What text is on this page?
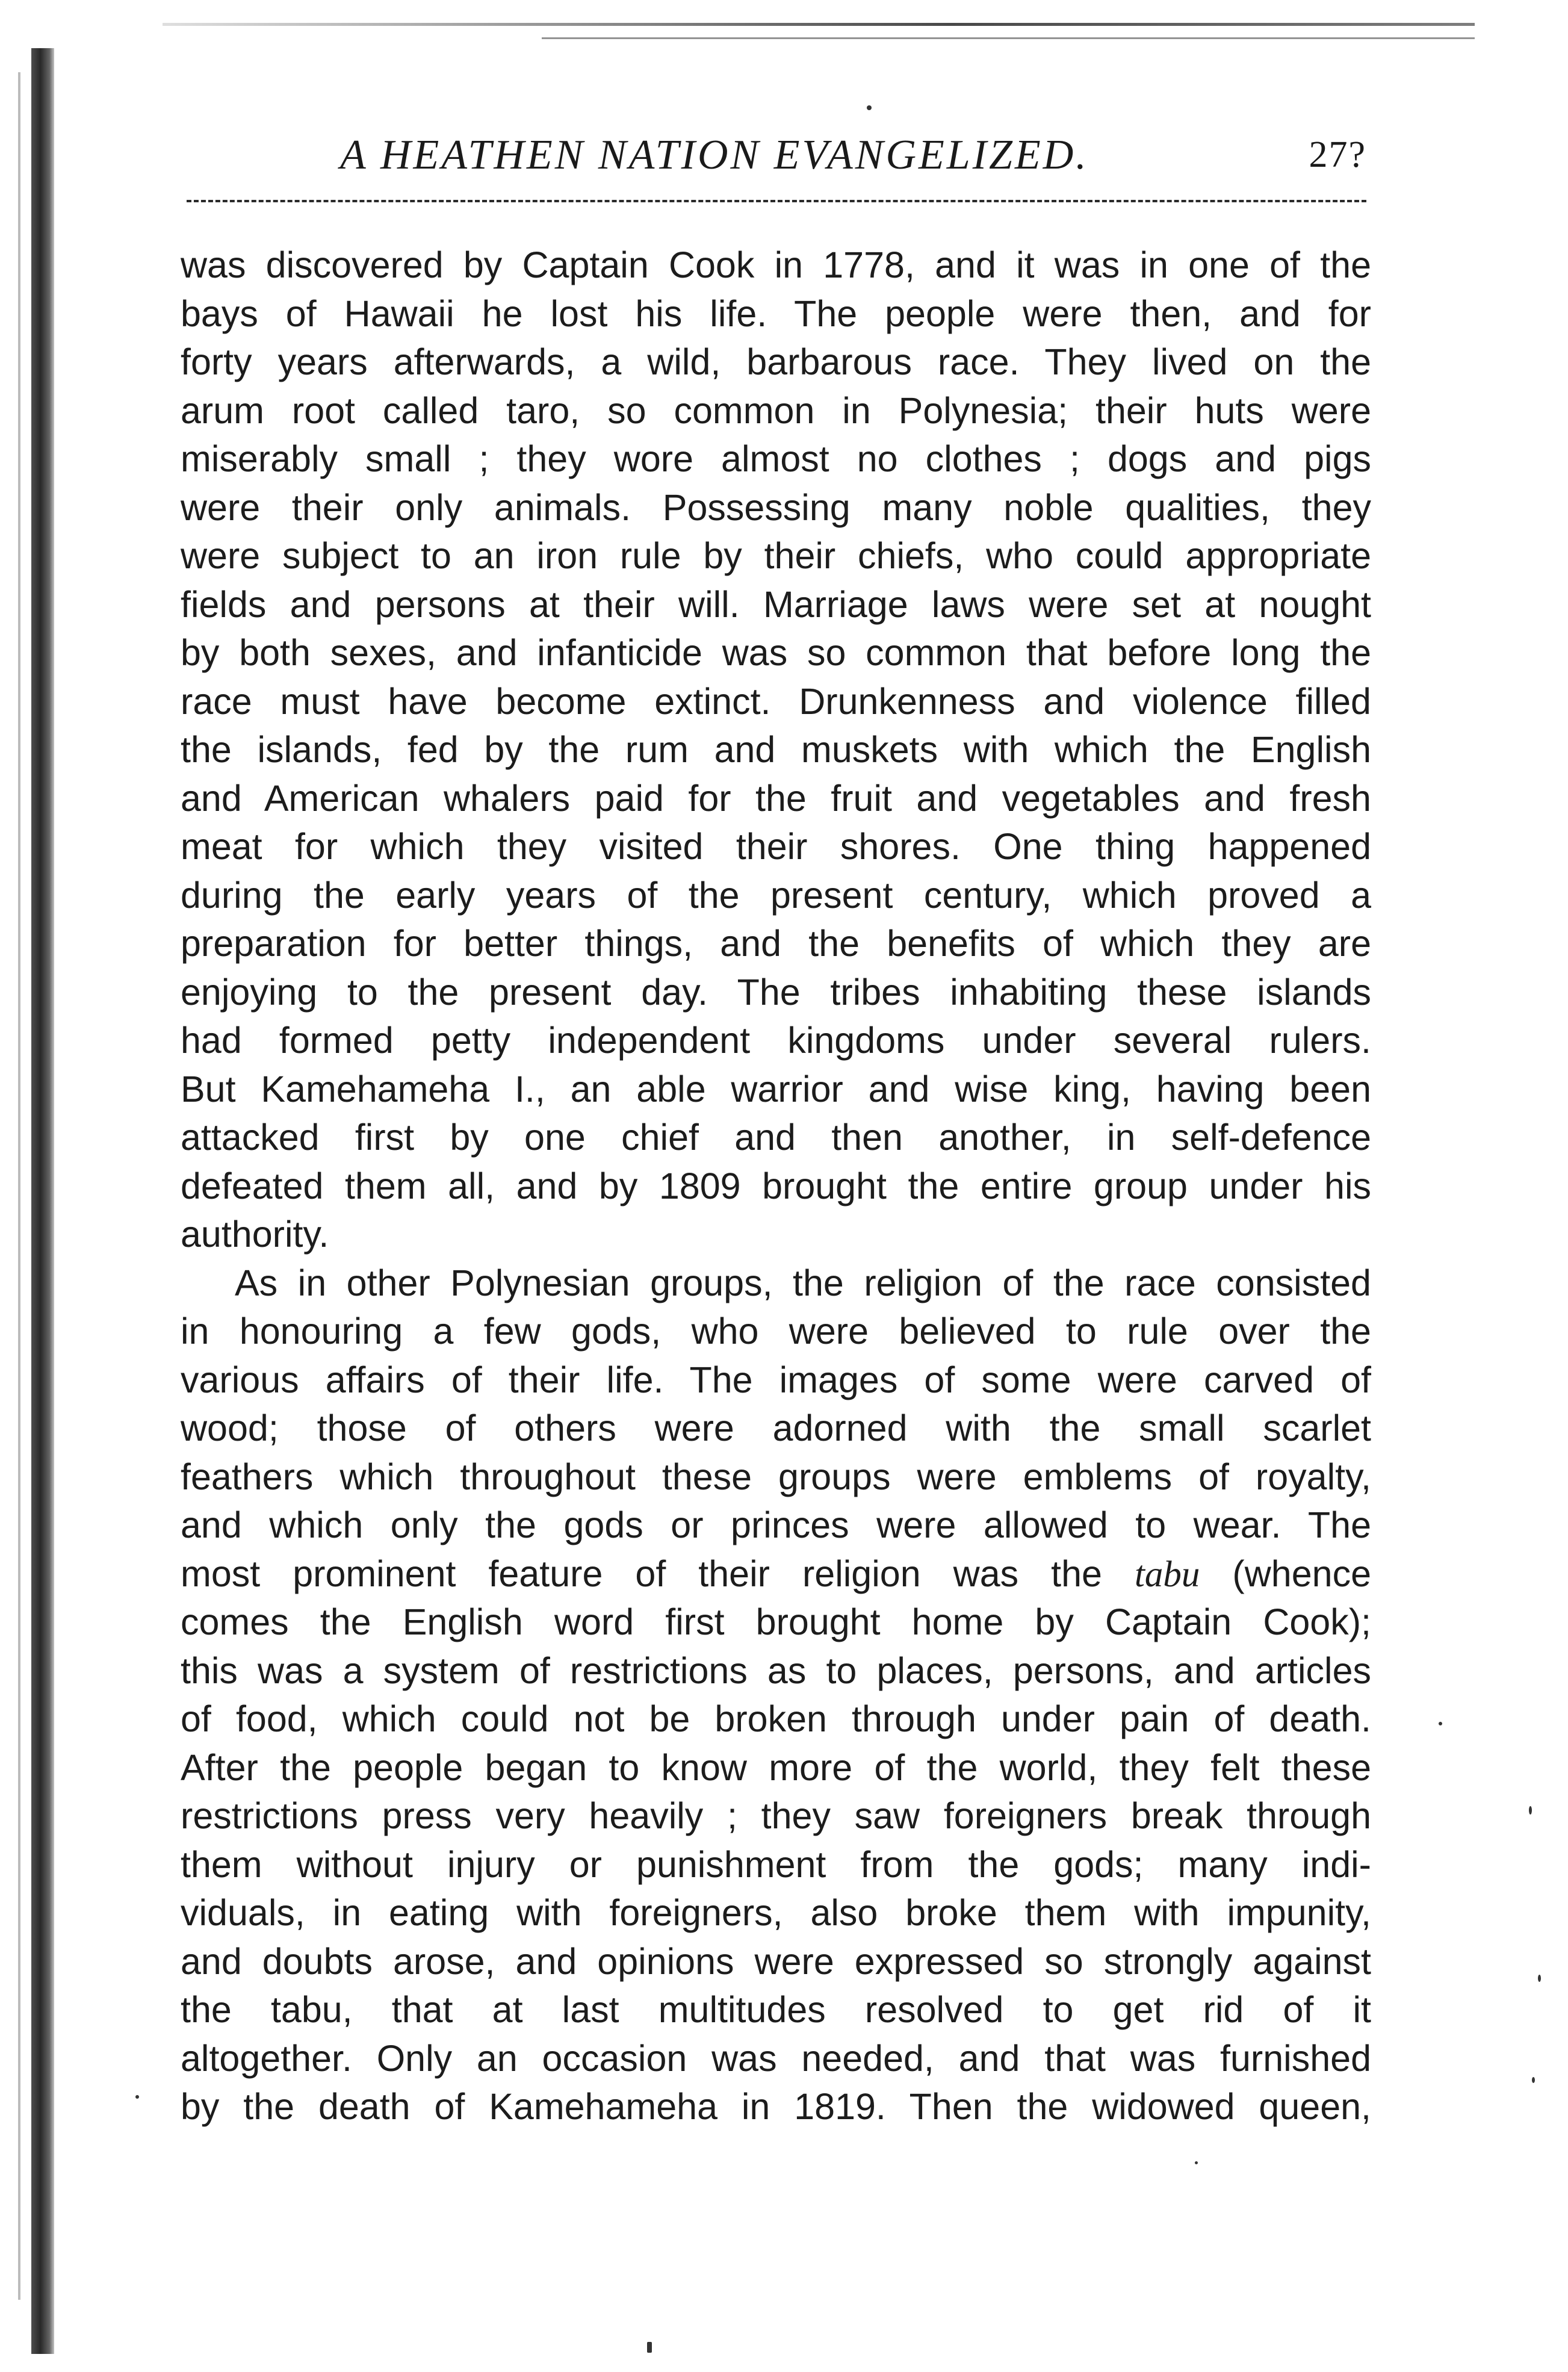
A HEATHEN NATION EVANGELIZED.	27?
was discovered by Captain Cook in 1778, and it was in one of the
bays of Hawaii he lost his life. The people were then, and for
forty years afterwards, a wild, barbarous race. They lived on the
arum root called taro, so common in Polynesia; their huts were
miserably small ; they wore almost no clothes ; dogs and pigs
were their only animals. Possessing many noble qualities, they
were subject to an iron rule by their chiefs, who could appropriate
fields and persons at their will. Marriage laws were set at nought
by both sexes, and infanticide was so common that before long the
race must have become extinct. Drunkenness and violence filled
the islands, fed by the rum and muskets with which the English
and American whalers paid for the fruit and vegetables and fresh
meat for which they visited their shores. One thing happened
during the early years of the present century, which proved a
preparation for better things, and the benefits of which they are
enjoying to the present day. The tribes inhabiting these islands
had formed petty independent kingdoms under several rulers.
But Kamehameha I., an able warrior and wise king, having been
attacked first by one chief and then another, in self-defence
defeated them all, and by 1809 brought the entire group under his
authority.
As in other Polynesian groups, the religion of the race consisted
in honouring a few gods, who were believed to rule over the
various affairs of their life. The images of some were carved of
wood; those of others were adorned with the small scarlet
feathers which throughout these groups were emblems of royalty,
and which only the gods or princes were allowed to wear. The
most prominent feature of their religion was the tabu (whence
comes the English word first brought home by Captain Cook);
this was a system of restrictions as to places, persons, and articles
of food, which could not be broken through under pain of death.
After the people began to know more of the world, they felt these
restrictions press very heavily ; they saw foreigners break through
them without injury or punishment from the gods; many indi-
viduals, in eating with foreigners, also broke them with impunity,
and doubts arose, and opinions were expressed so strongly against
the tabu, that at last multitudes resolved to get rid of it
altogether. Only an occasion was needed, and that was furnished
by the death of Kamehameha in 1819. Then the widowed queen,
